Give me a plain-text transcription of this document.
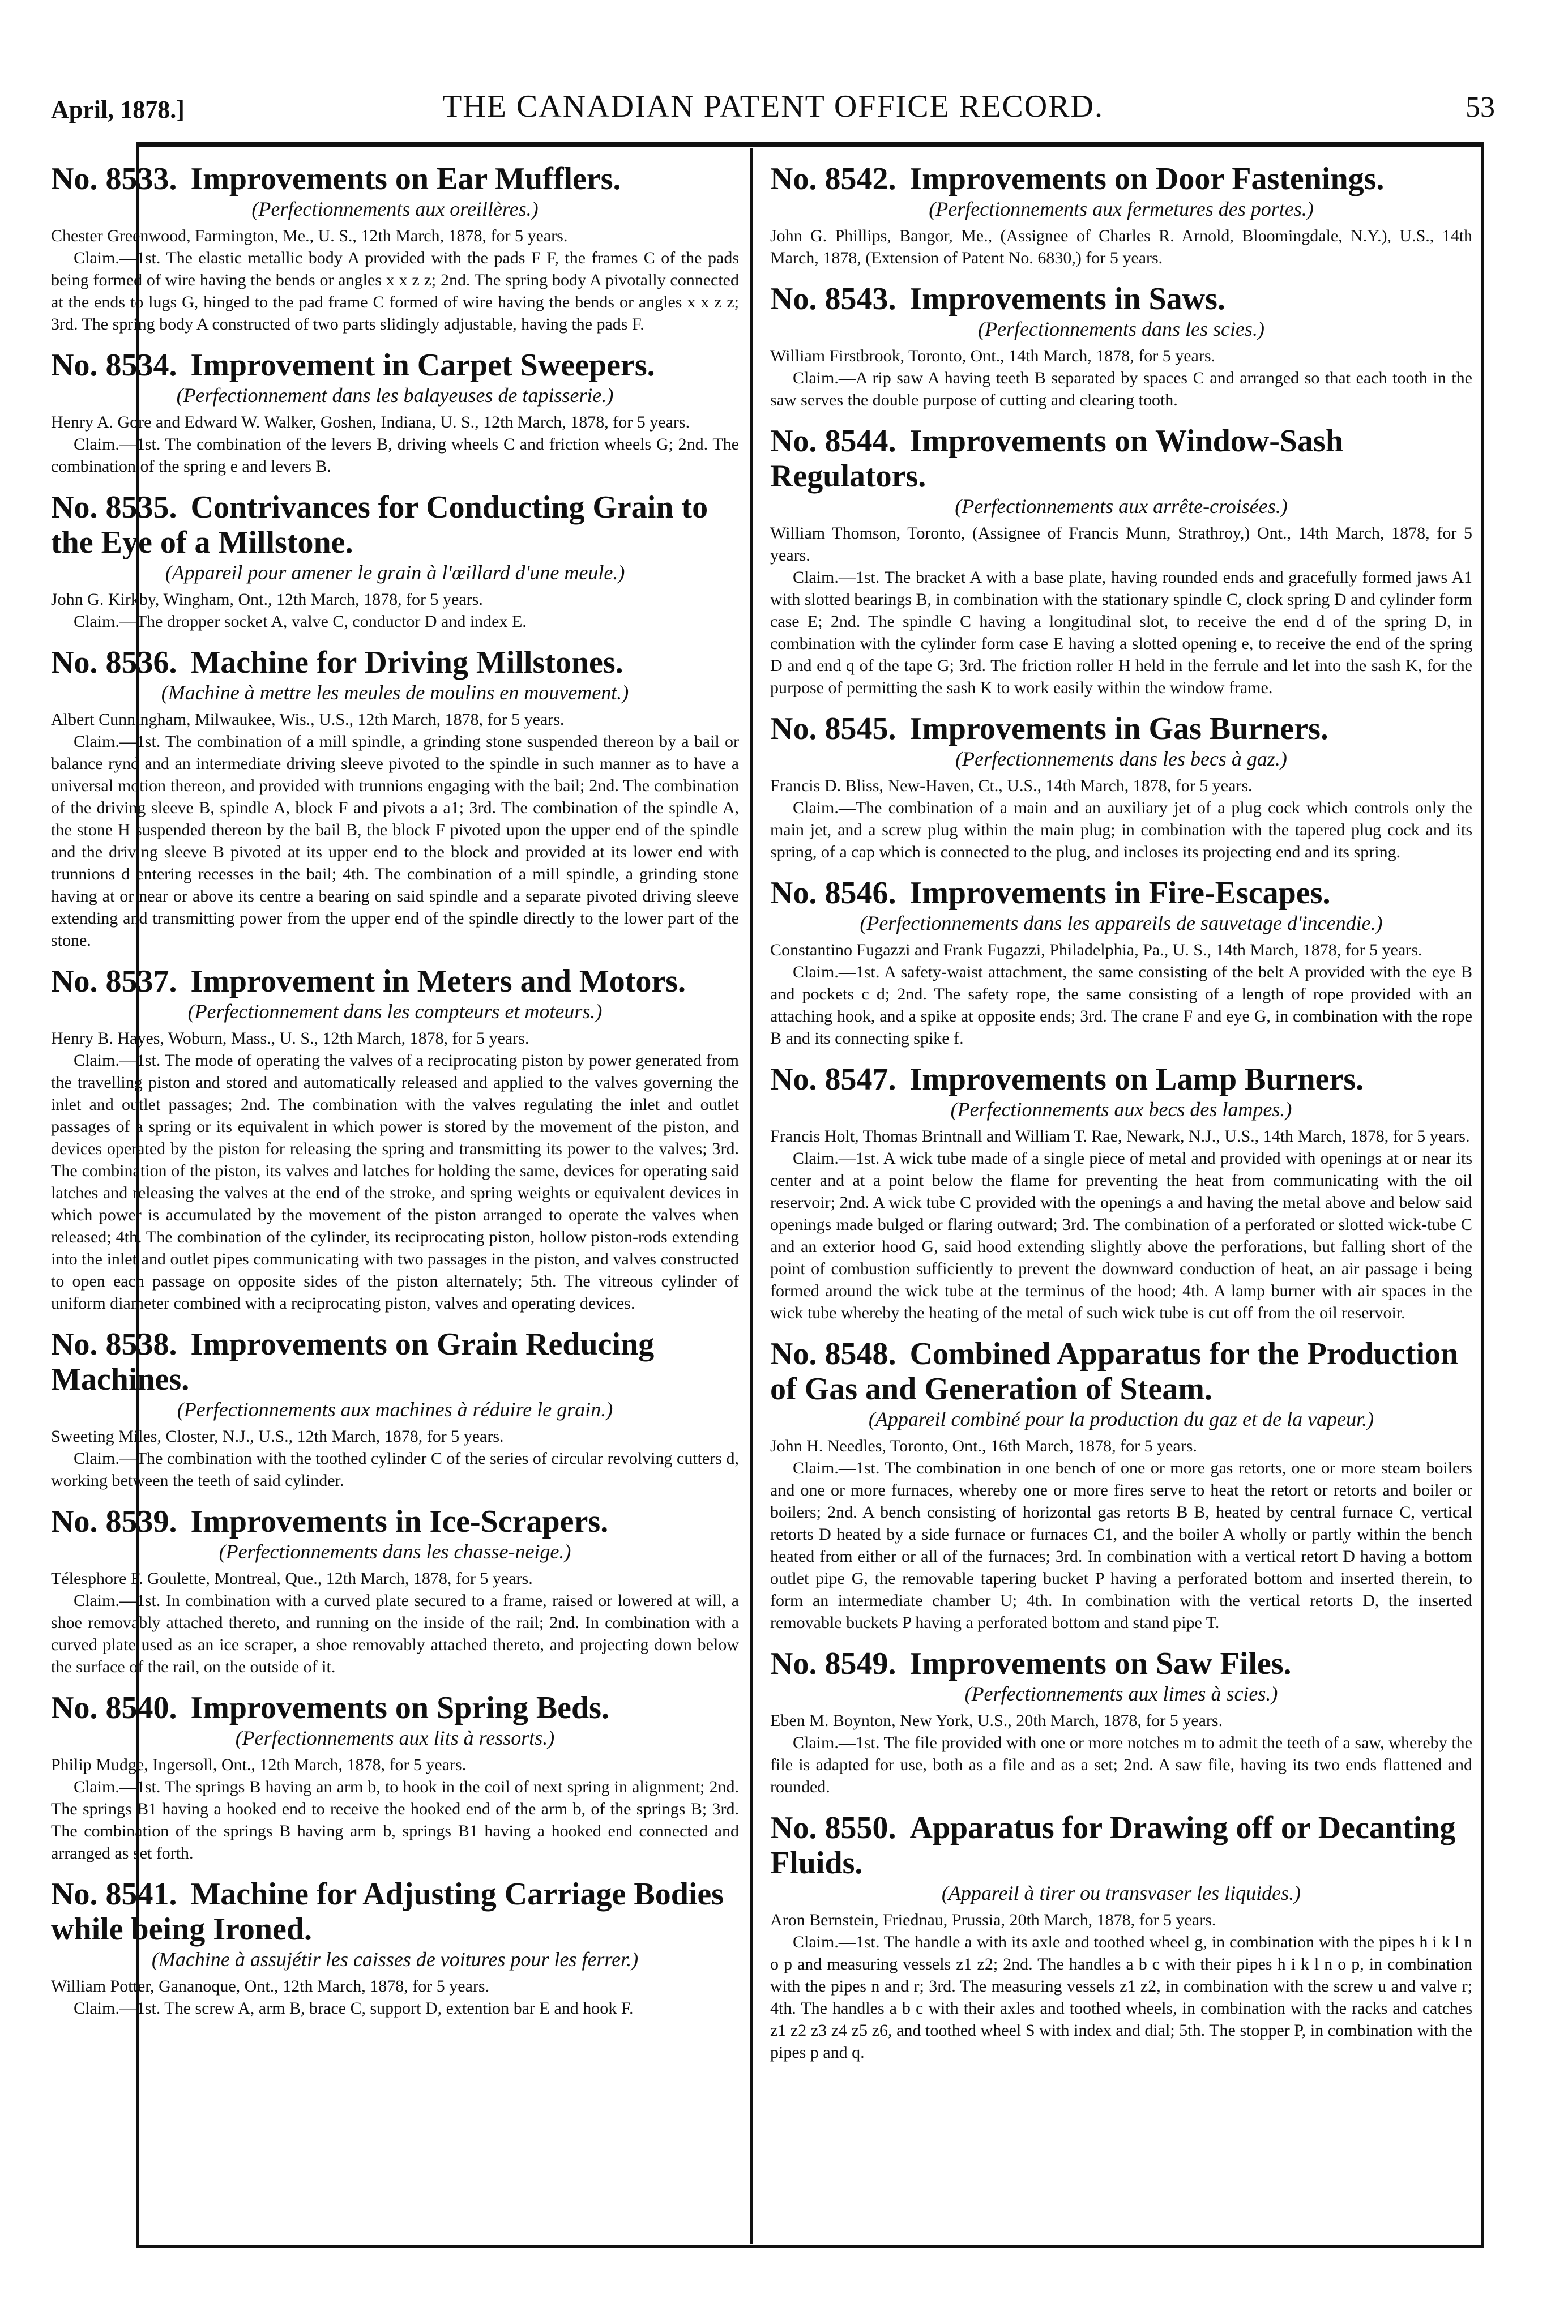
April, 1878.]	THE CANADIAN PATENT OFFICE RECORD.	53

No. 8533. Improvements on Ear Mufflers.

(Perfectionnements aux oreillères.)

Chester Greenwood, Farmington, Me., U. S., 12th March, 1878, for 5 years.

Claim.—1st. The elastic metallic body A provided with the pads F F, the frames C of the pads being formed of wire having the bends or angles x x z z; 2nd. The spring body A pivotally connected at the ends to lugs G, hinged to the pad frame C formed of wire having the bends or angles x x z z; 3rd. The spring body A constructed of two parts slidingly adjustable, having the pads F.

No. 8534. Improvement in Carpet Sweepers.

(Perfectionnement dans les balayeuses de tapisserie.)

Henry A. Gore and Edward W. Walker, Goshen, Indiana, U. S., 12th March, 1878, for 5 years.

Claim.—1st. The combination of the levers B, driving wheels C and friction wheels G; 2nd. The combination of the spring e and levers B.

No. 8535. Contrivances for Conducting Grain to the Eye of a Millstone.

(Appareil pour amener le grain à l'œillard d'une meule.)

John G. Kirkby, Wingham, Ont., 12th March, 1878, for 5 years.

Claim.—The dropper socket A, valve C, conductor D and index E.

No. 8536. Machine for Driving Millstones.

(Machine à mettre les meules de moulins en mouvement.)

Albert Cunningham, Milwaukee, Wis., U.S., 12th March, 1878, for 5 years.

Claim.—1st. The combination of a mill spindle, a grinding stone suspended thereon by a bail or balance rynd and an intermediate driving sleeve pivoted to the spindle in such manner as to have a universal motion thereon, and provided with trunnions engaging with the bail; 2nd. The combination of the driving sleeve B, spindle A, block F and pivots a a1; 3rd. The combination of the spindle A, the stone H suspended thereon by the bail B, the block F pivoted upon the upper end of the spindle and the driving sleeve B pivoted at its upper end to the block and provided at its lower end with trunnions d entering recesses in the bail; 4th. The combination of a mill spindle, a grinding stone having at or near or above its centre a bearing on said spindle and a separate pivoted driving sleeve extending and transmitting power from the upper end of the spindle directly to the lower part of the stone.

No. 8537. Improvement in Meters and Motors.

(Perfectionnement dans les compteurs et moteurs.)

Henry B. Hayes, Woburn, Mass., U. S., 12th March, 1878, for 5 years.

Claim.—1st. The mode of operating the valves of a reciprocating piston by power generated from the travelling piston and stored and automatically released and applied to the valves governing the inlet and outlet passages; 2nd. The combination with the valves regulating the inlet and outlet passages of a spring or its equivalent in which power is stored by the movement of the piston, and devices operated by the piston for releasing the spring and transmitting its power to the valves; 3rd. The combination of the piston, its valves and latches for holding the same, devices for operating said latches and releasing the valves at the end of the stroke, and spring weights or equivalent devices in which power is accumulated by the movement of the piston arranged to operate the valves when released; 4th. The combination of the cylinder, its reciprocating piston, hollow piston-rods extending into the inlet and outlet pipes communicating with two passages in the piston, and valves constructed to open each passage on opposite sides of the piston alternately; 5th. The vitreous cylinder of uniform diameter combined with a reciprocating piston, valves and operating devices.

No. 8538. Improvements on Grain Reducing Machines.

(Perfectionnements aux machines à réduire le grain.)

Sweeting Miles, Closter, N.J., U.S., 12th March, 1878, for 5 years.

Claim.—The combination with the toothed cylinder C of the series of circular revolving cutters d, working between the teeth of said cylinder.

No. 8539. Improvements in Ice-Scrapers.

(Perfectionnements dans les chasse-neige.)

Télesphore F. Goulette, Montreal, Que., 12th March, 1878, for 5 years.

Claim.—1st. In combination with a curved plate secured to a frame, raised or lowered at will, a shoe removably attached thereto, and running on the inside of the rail; 2nd. In combination with a curved plate used as an ice scraper, a shoe removably attached thereto, and projecting down below the surface of the rail, on the outside of it.

No. 8540. Improvements on Spring Beds.

(Perfectionnements aux lits à ressorts.)

Philip Mudge, Ingersoll, Ont., 12th March, 1878, for 5 years.

Claim.—1st. The springs B having an arm b, to hook in the coil of next spring in alignment; 2nd. The springs B1 having a hooked end to receive the hooked end of the arm b, of the springs B; 3rd. The combination of the springs B having arm b, springs B1 having a hooked end connected and arranged as set forth.

No. 8541. Machine for Adjusting Carriage Bodies while being Ironed.

(Machine à assujétir les caisses de voitures pour les ferrer.)

William Potter, Gananoque, Ont., 12th March, 1878, for 5 years.

Claim.—1st. The screw A, arm B, brace C, support D, extention bar E and hook F.

No. 8542. Improvements on Door Fastenings.

(Perfectionnements aux fermetures des portes.)

John G. Phillips, Bangor, Me., (Assignee of Charles R. Arnold, Bloomingdale, N.Y.), U.S., 14th March, 1878, (Extension of Patent No. 6830,) for 5 years.

No. 8543. Improvements in Saws.

(Perfectionnements dans les scies.)

William Firstbrook, Toronto, Ont., 14th March, 1878, for 5 years.

Claim.—A rip saw A having teeth B separated by spaces C and arranged so that each tooth in the saw serves the double purpose of cutting and clearing tooth.

No. 8544. Improvements on Window-Sash Regulators.

(Perfectionnements aux arrête-croisées.)

William Thomson, Toronto, (Assignee of Francis Munn, Strathroy,) Ont., 14th March, 1878, for 5 years.

Claim.—1st. The bracket A with a base plate, having rounded ends and gracefully formed jaws A1 with slotted bearings B, in combination with the stationary spindle C, clock spring D and cylinder form case E; 2nd. The spindle C having a longitudinal slot, to receive the end d of the spring D, in combination with the cylinder form case E having a slotted opening e, to receive the end of the spring D and end q of the tape G; 3rd. The friction roller H held in the ferrule and let into the sash K, for the purpose of permitting the sash K to work easily within the window frame.

No. 8545. Improvements in Gas Burners.

(Perfectionnements dans les becs à gaz.)

Francis D. Bliss, New-Haven, Ct., U.S., 14th March, 1878, for 5 years.

Claim.—The combination of a main and an auxiliary jet of a plug cock which controls only the main jet, and a screw plug within the main plug; in combination with the tapered plug cock and its spring, of a cap which is connected to the plug, and incloses its projecting end and its spring.

No. 8546. Improvements in Fire-Escapes.

(Perfectionnements dans les appareils de sauvetage d'incendie.)

Constantino Fugazzi and Frank Fugazzi, Philadelphia, Pa., U. S., 14th March, 1878, for 5 years.

Claim.—1st. A safety-waist attachment, the same consisting of the belt A provided with the eye B and pockets c d; 2nd. The safety rope, the same consisting of a length of rope provided with an attaching hook, and a spike at opposite ends; 3rd. The crane F and eye G, in combination with the rope B and its connecting spike f.

No. 8547. Improvements on Lamp Burners.

(Perfectionnements aux becs des lampes.)

Francis Holt, Thomas Brintnall and William T. Rae, Newark, N.J., U.S., 14th March, 1878, for 5 years.

Claim.—1st. A wick tube made of a single piece of metal and provided with openings at or near its center and at a point below the flame for preventing the heat from communicating with the oil reservoir; 2nd. A wick tube C provided with the openings a and having the metal above and below said openings made bulged or flaring outward; 3rd. The combination of a perforated or slotted wick-tube C and an exterior hood G, said hood extending slightly above the perforations, but falling short of the point of combustion sufficiently to prevent the downward conduction of heat, an air passage i being formed around the wick tube at the terminus of the hood; 4th. A lamp burner with air spaces in the wick tube whereby the heating of the metal of such wick tube is cut off from the oil reservoir.

No. 8548. Combined Apparatus for the Production of Gas and Generation of Steam.

(Appareil combiné pour la production du gaz et de la vapeur.)

John H. Needles, Toronto, Ont., 16th March, 1878, for 5 years.

Claim.—1st. The combination in one bench of one or more gas retorts, one or more steam boilers and one or more furnaces, whereby one or more fires serve to heat the retort or retorts and boiler or boilers; 2nd. A bench consisting of horizontal gas retorts B B, heated by central furnace C, vertical retorts D heated by a side furnace or furnaces C1, and the boiler A wholly or partly within the bench heated from either or all of the furnaces; 3rd. In combination with a vertical retort D having a bottom outlet pipe G, the removable tapering bucket P having a perforated bottom and inserted therein, to form an intermediate chamber U; 4th. In combination with the vertical retorts D, the inserted removable buckets P having a perforated bottom and stand pipe T.

No. 8549. Improvements on Saw Files.

(Perfectionnements aux limes à scies.)

Eben M. Boynton, New York, U.S., 20th March, 1878, for 5 years.

Claim.—1st. The file provided with one or more notches m to admit the teeth of a saw, whereby the file is adapted for use, both as a file and as a set; 2nd. A saw file, having its two ends flattened and rounded.

No. 8550. Apparatus for Drawing off or Decanting Fluids.

(Appareil à tirer ou transvaser les liquides.)

Aron Bernstein, Friednau, Prussia, 20th March, 1878, for 5 years.

Claim.—1st. The handle a with its axle and toothed wheel g, in combination with the pipes h i k l n o p and measuring vessels z1 z2; 2nd. The handles a b c with their pipes h i k l n o p, in combination with the pipes n and r; 3rd. The measuring vessels z1 z2, in combination with the screw u and valve r; 4th. The handles a b c with their axles and toothed wheels, in combination with the racks and catches z1 z2 z3 z4 z5 z6, and toothed wheel S with index and dial; 5th. The stopper P, in combination with the pipes p and q.
